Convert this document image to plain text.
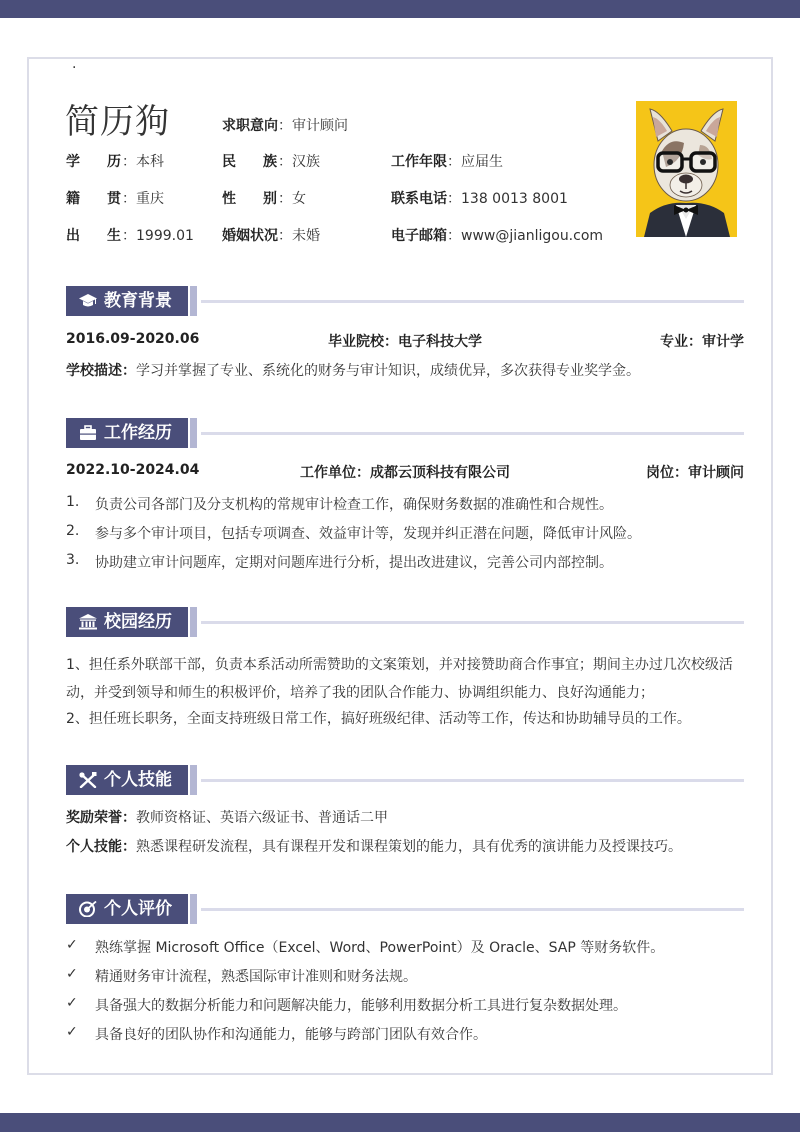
·
简历狗	求职意向：审计顾问
学历：本科	民族：汉族	工作年限：应届生
籍贯：重庆	性别：女	联系电话：138 0013 8001
出生：1999.01 婚姻状况：未婚	电子邮箱：www@jianligou.com
教育背景
2016.09-2020.06	毕业院校：电子科技大学	专业：审计学
学校描述：学习并掌握了专业、系统化的财务与审计知识，成绩优异，多次获得专业奖学金。
工作经历
2022.10-2024.04	工作单位：成都云顶科技有限公司	岗位：审计顾问
1. 负责公司各部门及分支机构的常规审计检查工作，确保财务数据的准确性和合规性。
2. 参与多个审计项目，包括专项调查、效益审计等，发现并纠正潜在问题，降低审计风险。
3. 协助建立审计问题库，定期对问题库进行分析，提出改进建议，完善公司内部控制。
校园经历
1、担任系外联部干部，负责本系活动所需赞助的文案策划，并对接赞助商合作事宜；期间主办过几次校级活动，并受到领导和师生的积极评价，培养了我的团队合作能力、协调组织能力、良好沟通能力；
2、担任班长职务，全面支持班级日常工作，搞好班级纪律、活动等工作，传达和协助辅导员的工作。
个人技能
奖励荣誉：教师资格证、英语六级证书、普通话二甲
个人技能：熟悉课程研发流程，具有课程开发和课程策划的能力，具有优秀的演讲能力及授课技巧。
个人评价
✓ 熟练掌握 Microsoft Office（Excel、Word、PowerPoint）及 Oracle、SAP 等财务软件。
✓ 精通财务审计流程，熟悉国际审计准则和财务法规。
✓ 具备强大的数据分析能力和问题解决能力，能够利用数据分析工具进行复杂数据处理。
✓ 具备良好的团队协作和沟通能力，能够与跨部门团队有效合作。
